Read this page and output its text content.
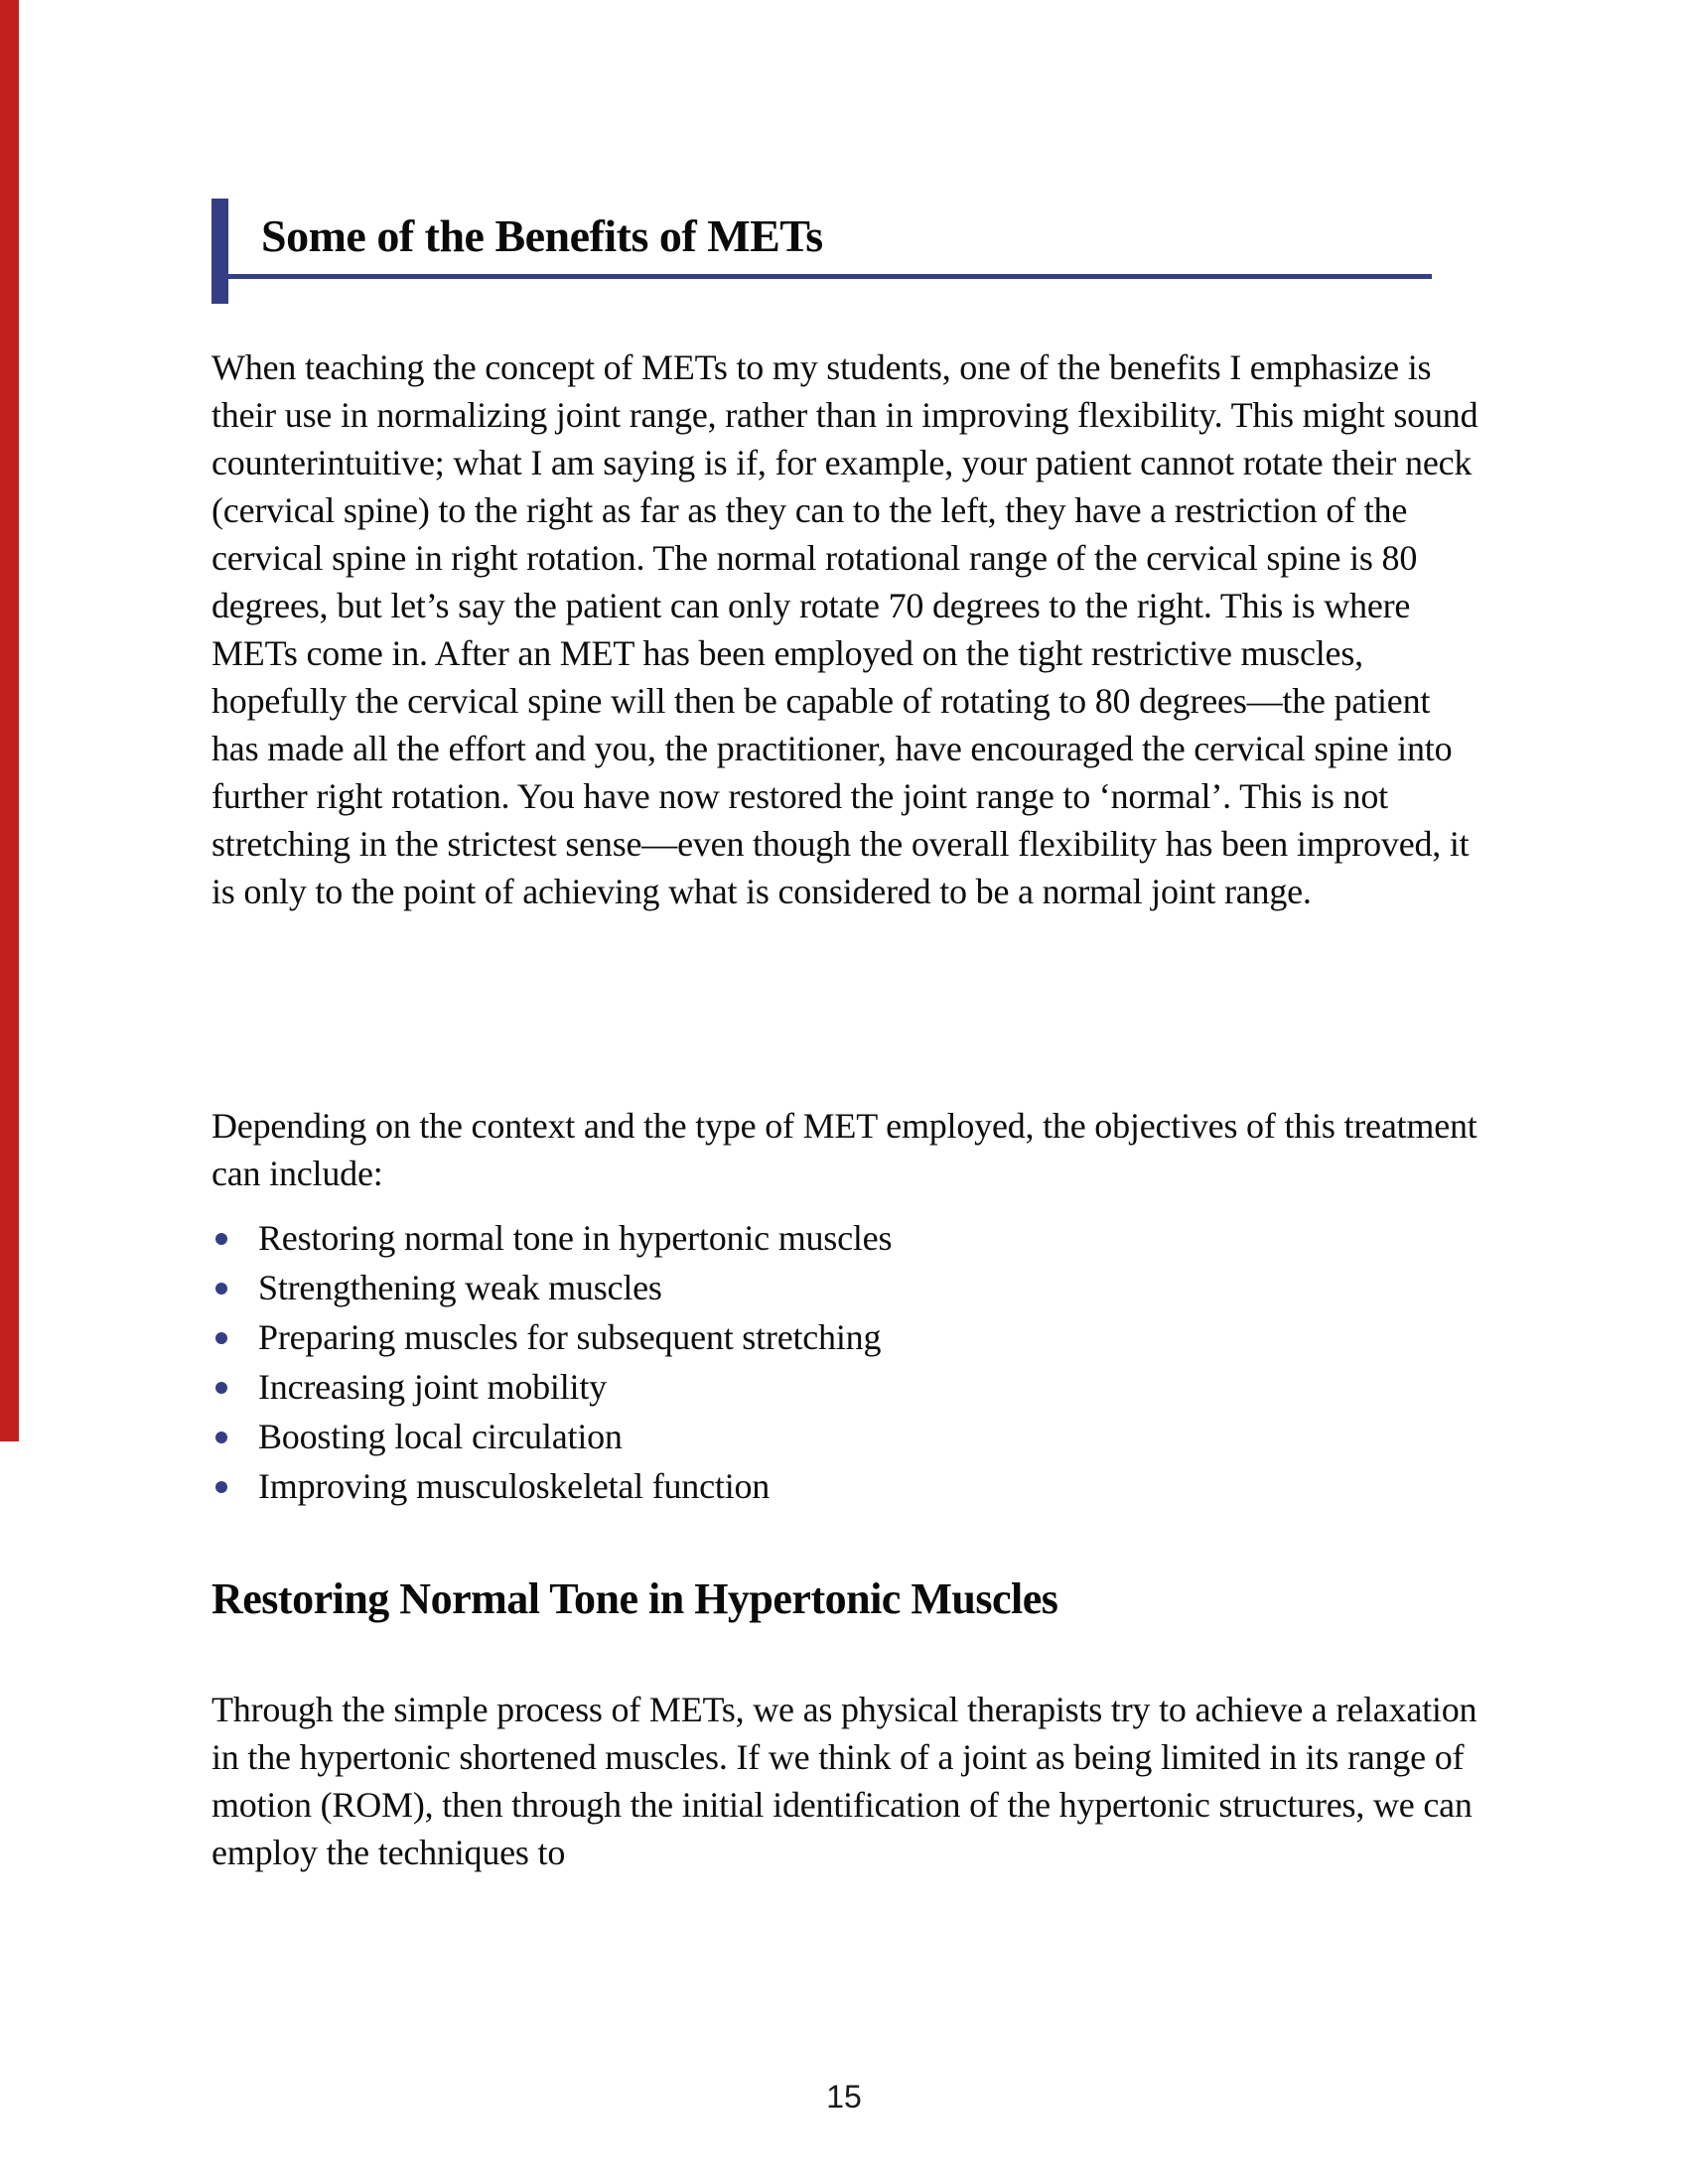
Some of the Benefits of METs

When teaching the concept of METs to my students, one of the benefits I emphasize is their use in normalizing joint range, rather than in improving flexibility. This might sound counterintuitive; what I am saying is if, for example, your patient cannot rotate their neck (cervical spine) to the right as far as they can to the left, they have a restriction of the cervical spine in right rotation. The normal rotational range of the cervical spine is 80 degrees, but let’s say the patient can only rotate 70 degrees to the right. This is where METs come in. After an MET has been employed on the tight restrictive muscles, hopefully the cervical spine will then be capable of rotating to 80 degrees—the patient has made all the effort and you, the practitioner, have encouraged the cervical spine into further right rotation. You have now restored the joint range to ‘normal’. This is not stretching in the strictest sense—even though the overall flexibility has been improved, it is only to the point of achieving what is considered to be a normal joint range.

Depending on the context and the type of MET employed, the objectives of this treatment can include:

Restoring normal tone in hypertonic muscles
Strengthening weak muscles
Preparing muscles for subsequent stretching
Increasing joint mobility
Boosting local circulation
Improving musculoskeletal function
Restoring Normal Tone in Hypertonic Muscles

Through the simple process of METs, we as physical therapists try to achieve a relaxation in the hypertonic shortened muscles. If we think of a joint as being limited in its range of motion (ROM), then through the initial identification of the hypertonic structures, we can employ the techniques to

15
